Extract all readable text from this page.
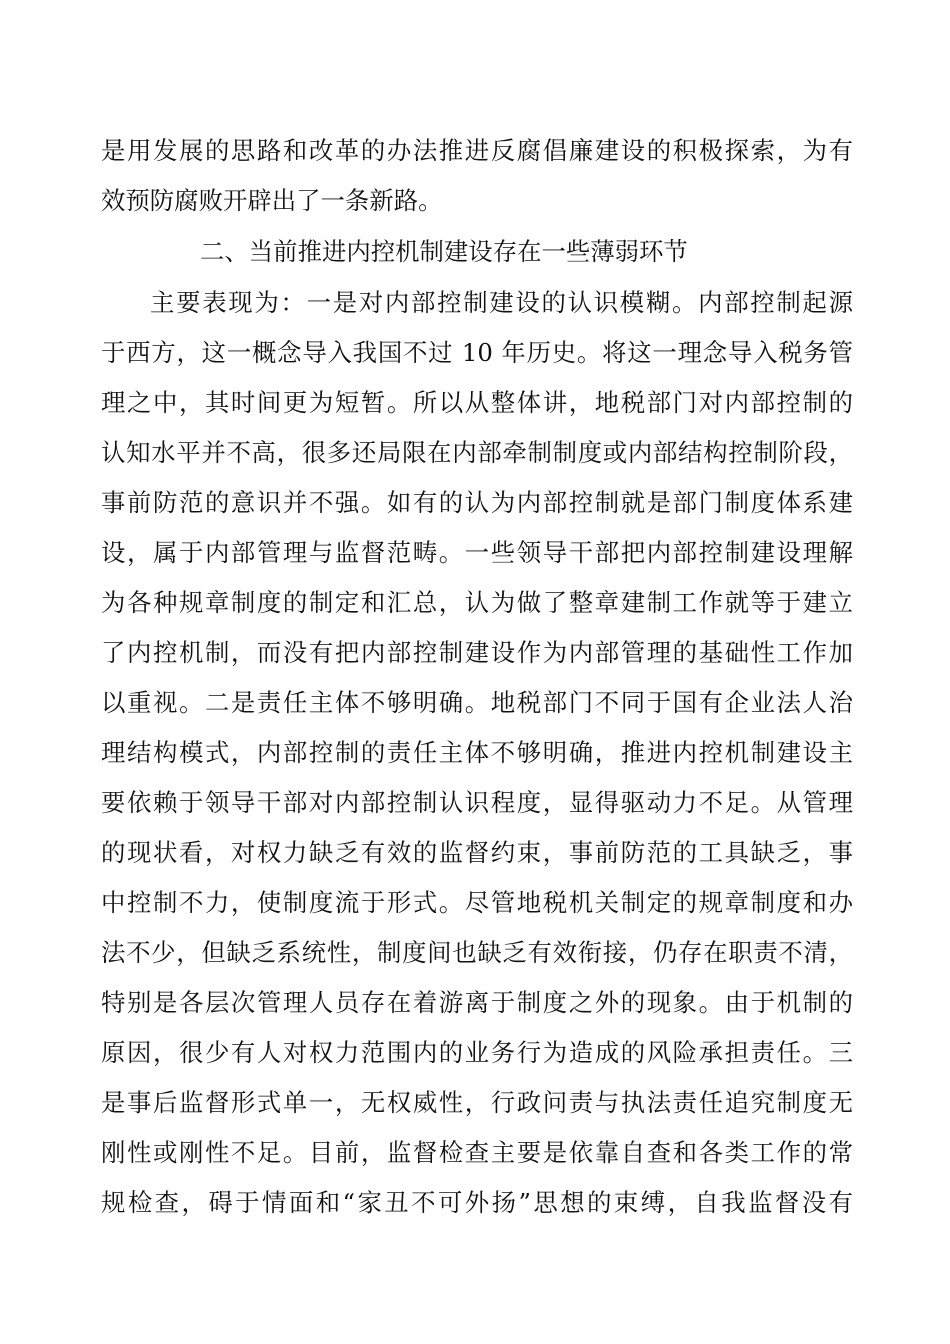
是用发展的思路和改革的办法推进反腐倡廉建设的积极探索，为有
效预防腐败开辟出了一条新路。
二、当前推进内控机制建设存在一些薄弱环节
主要表现为：一是对内部控制建设的认识模糊。内部控制起源
于西方，这一概念导入我国不过 10 年历史。将这一理念导入税务管
理之中，其时间更为短暂。所以从整体讲，地税部门对内部控制的
认知水平并不高，很多还局限在内部牵制制度或内部结构控制阶段，
事前防范的意识并不强。如有的认为内部控制就是部门制度体系建
设，属于内部管理与监督范畴。一些领导干部把内部控制建设理解
为各种规章制度的制定和汇总，认为做了整章建制工作就等于建立
了内控机制，而没有把内部控制建设作为内部管理的基础性工作加
以重视。二是责任主体不够明确。地税部门不同于国有企业法人治
理结构模式，内部控制的责任主体不够明确，推进内控机制建设主
要依赖于领导干部对内部控制认识程度，显得驱动力不足。从管理
的现状看，对权力缺乏有效的监督约束，事前防范的工具缺乏，事
中控制不力，使制度流于形式。尽管地税机关制定的规章制度和办
法不少，但缺乏系统性，制度间也缺乏有效衔接，仍存在职责不清，
特别是各层次管理人员存在着游离于制度之外的现象。由于机制的
原因，很少有人对权力范围内的业务行为造成的风险承担责任。三
是事后监督形式单一，无权威性，行政问责与执法责任追究制度无
刚性或刚性不足。目前，监督检查主要是依靠自查和各类工作的常
规检查，碍于情面和“家丑不可外扬”思想的束缚，自我监督没有
